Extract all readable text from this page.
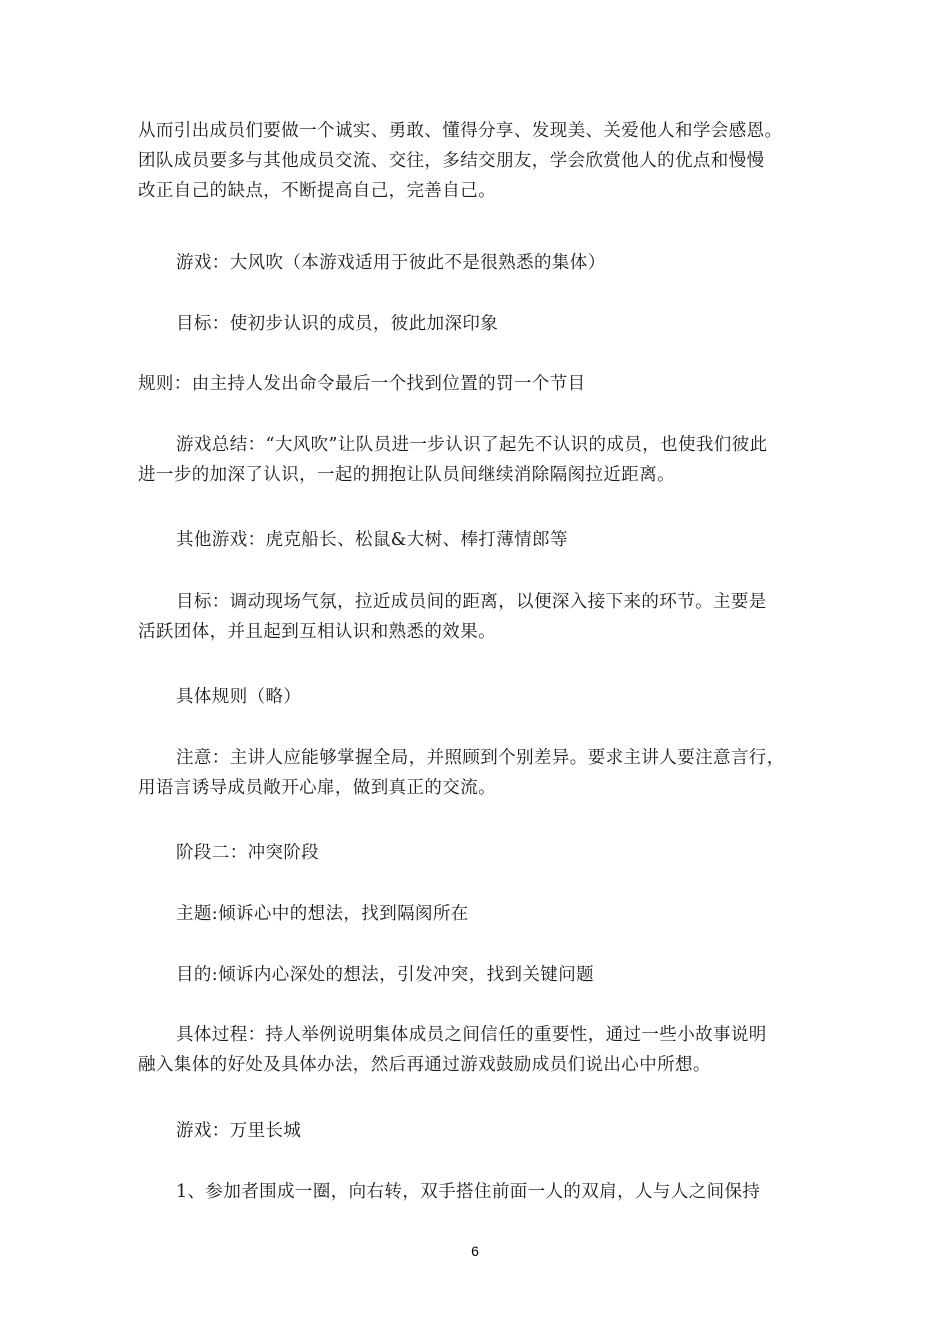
从而引出成员们要做一个诚实、勇敢、懂得分享、发现美、关爱他人和学会感恩。
团队成员要多与其他成员交流、交往，多结交朋友，学会欣赏他人的优点和慢慢
改正自己的缺点，不断提高自己，完善自己。

游戏：大风吹（本游戏适用于彼此不是很熟悉的集体）

目标：使初步认识的成员，彼此加深印象

规则：由主持人发出命令最后一个找到位置的罚一个节目

游戏总结：“大风吹”让队员进一步认识了起先不认识的成员，也使我们彼此
进一步的加深了认识，一起的拥抱让队员间继续消除隔阂拉近距离。

其他游戏：虎克船长、松鼠&大树、棒打薄情郎等

目标：调动现场气氛，拉近成员间的距离，以便深入接下来的环节。主要是
活跃团体，并且起到互相认识和熟悉的效果。

具体规则（略）

注意：主讲人应能够掌握全局，并照顾到个别差异。要求主讲人要注意言行，
用语言诱导成员敞开心扉，做到真正的交流。

阶段二：冲突阶段

主题:倾诉心中的想法，找到隔阂所在

目的:倾诉内心深处的想法，引发冲突，找到关键问题

具体过程：持人举例说明集体成员之间信任的重要性，通过一些小故事说明
融入集体的好处及具体办法，然后再通过游戏鼓励成员们说出心中所想。

游戏：万里长城

1、参加者围成一圈，向右转，双手搭住前面一人的双肩，人与人之间保持

6
